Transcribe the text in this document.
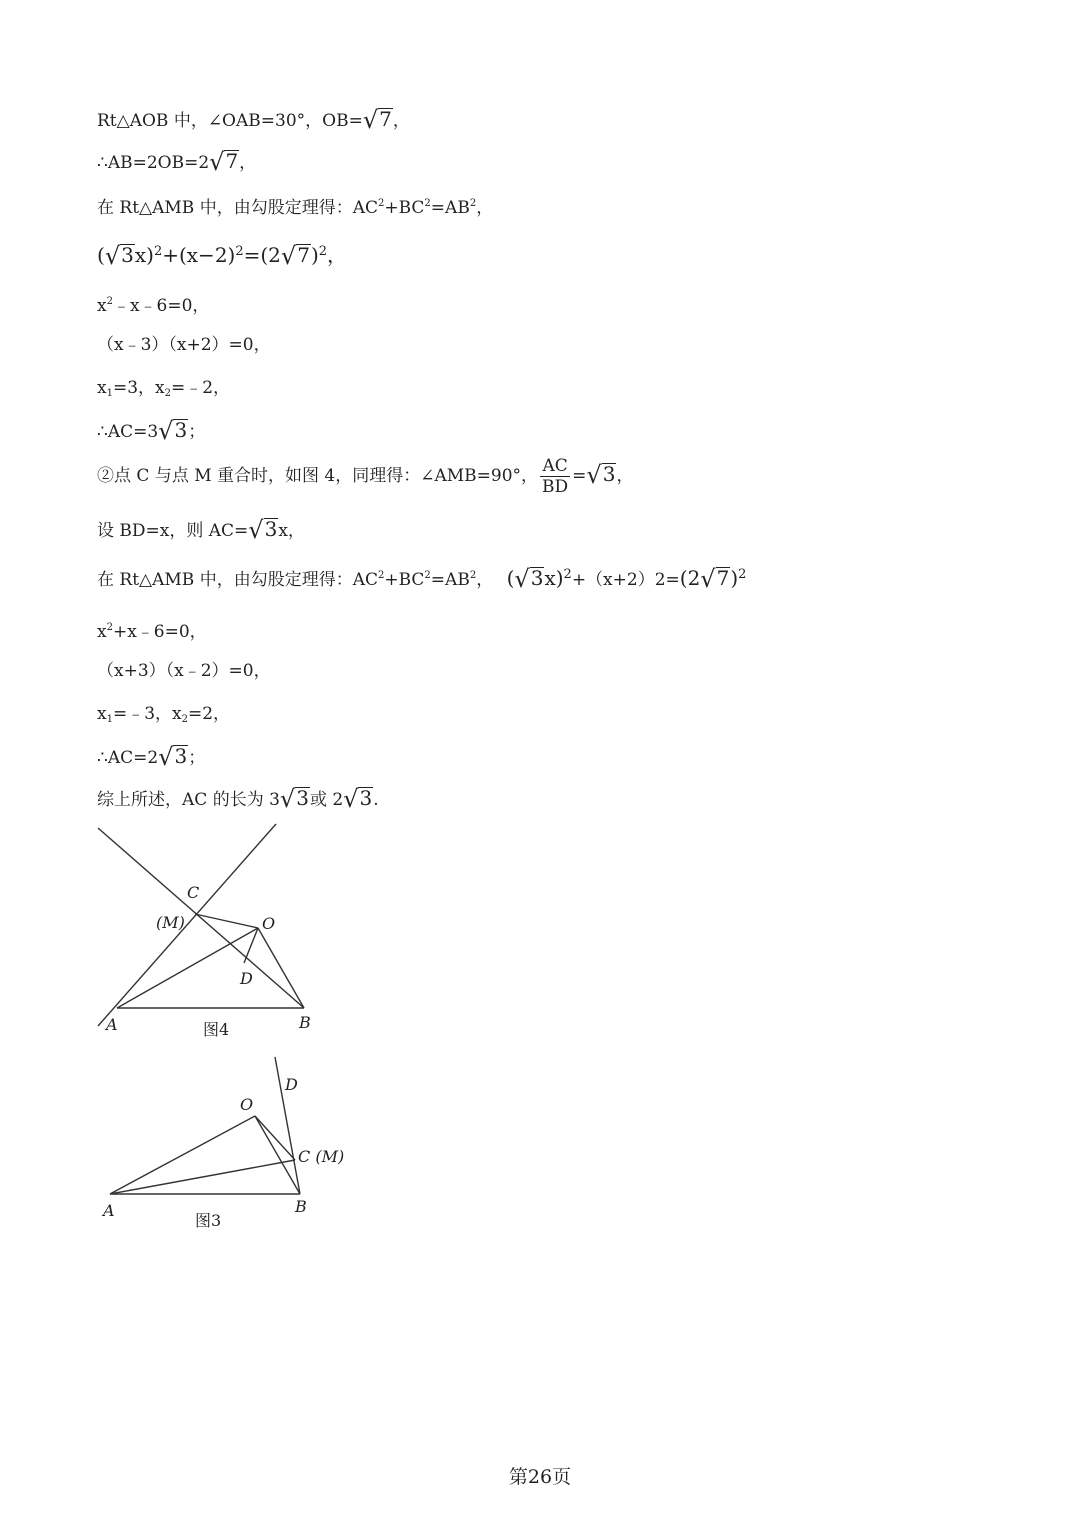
Rt△AOB 中，∠OAB=30°，OB=√7，
∴AB=2OB=2√7，
在 Rt△AMB 中，由勾股定理得：$AC^2+BC^2=AB^2$，
$(√3x)^2+(x-2)^2=(2√7)^2$，
$x^2﹣x﹣6=0$，
（x﹣3）（x+2）=0，
$x_1=3$，$x_2=﹣2$，
∴AC=3√3；
②点 C 与点 M 重合时，如图 4，同理得：∠AMB=90°， $\frac{AC}{BD} =√3$，
设 BD=x，则 AC=√3x，
在 Rt△AMB 中，由勾股定理得：$AC^2+BC^2=AB^2$， $(√3x)^2+(x+2)2=(2√7)^2$
$x^2+x﹣6=0$，
（x+3）（x﹣2）=0，
$x_1=﹣3$，$x_2=2$，
∴AC=2√3；
综上所述，AC 的长为 3√3或 2√3.
C
(M)	O
D
A	B
图4
D
O
C (M)
A	B
图3
第26页
